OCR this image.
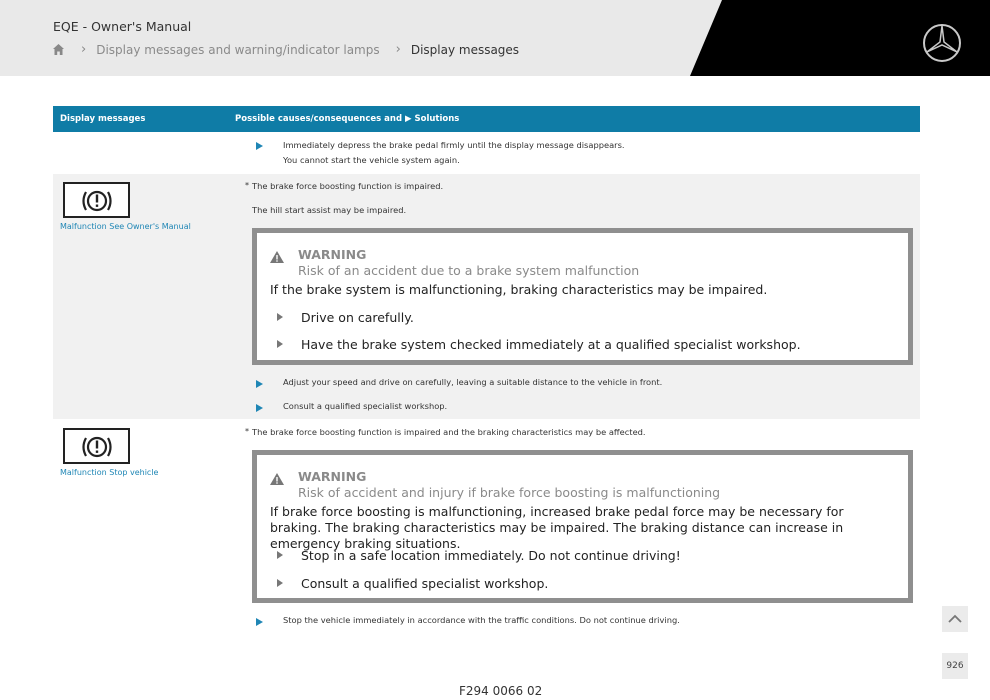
EQE - Owner's Manual
› Display messages and warning/indicator lamps › Display messages
Display messages	Possible causes/consequences and ▶ Solutions
Immediately depress the brake pedal firmly until the display message disappears.
You cannot start the vehicle system again.
Malfunction See Owner's Manual
* The brake force boosting function is impaired.
The hill start assist may be impaired.
WARNING
Risk of an accident due to a brake system malfunction
If the brake system is malfunctioning, braking characteristics may be impaired.
Drive on carefully.
Have the brake system checked immediately at a qualified specialist workshop.
Adjust your speed and drive on carefully, leaving a suitable distance to the vehicle in front.
Consult a qualified specialist workshop.
Malfunction Stop vehicle
* The brake force boosting function is impaired and the braking characteristics may be affected.
WARNING
Risk of accident and injury if brake force boosting is malfunctioning
If brake force boosting is malfunctioning, increased brake pedal force may be necessary for braking. The braking characteristics may be impaired. The braking distance can increase in emergency braking situations.
Stop in a safe location immediately. Do not continue driving!
Consult a qualified specialist workshop.
Stop the vehicle immediately in accordance with the traffic conditions. Do not continue driving.
926
F294 0066 02
